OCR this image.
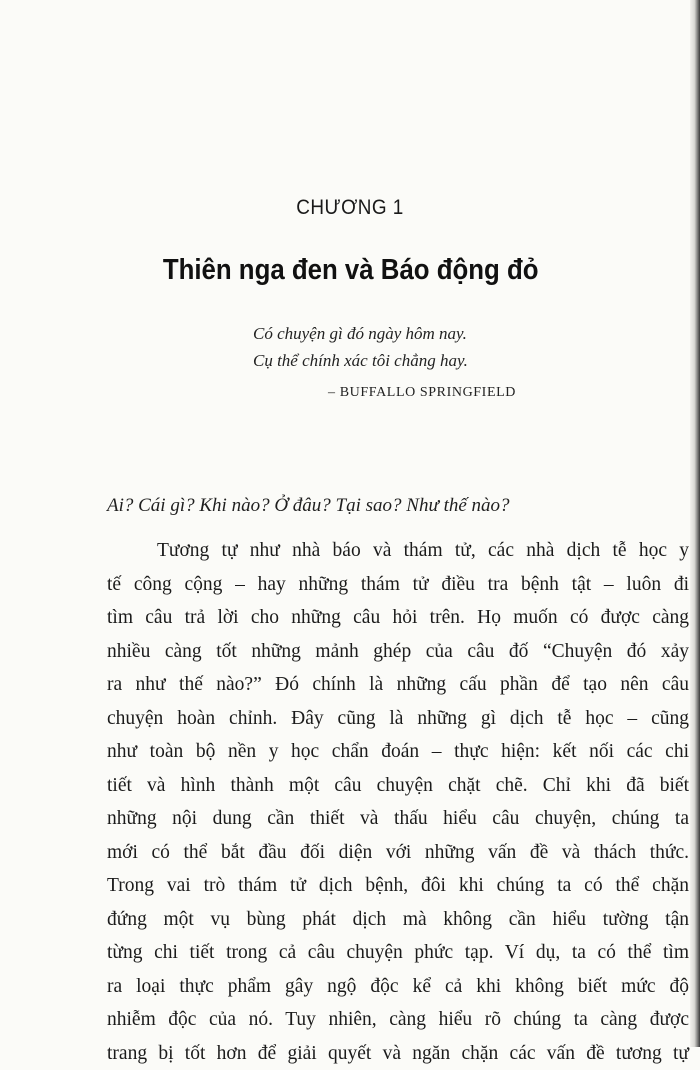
CHƯƠNG 1
Thiên nga đen và Báo động đỏ
Có chuyện gì đó ngày hôm nay.
Cụ thể chính xác tôi chẳng hay.
– BUFFALLO SPRINGFIELD
Ai? Cái gì? Khi nào? Ở đâu? Tại sao? Như thế nào?
Tương tự như nhà báo và thám tử, các nhà dịch tễ học y
tế công cộng – hay những thám tử điều tra bệnh tật – luôn đi
tìm câu trả lời cho những câu hỏi trên. Họ muốn có được càng
nhiều càng tốt những mảnh ghép của câu đố “Chuyện đó xảy
ra như thế nào?” Đó chính là những cấu phần để tạo nên câu
chuyện hoàn chỉnh. Đây cũng là những gì dịch tễ học – cũng
như toàn bộ nền y học chẩn đoán – thực hiện: kết nối các chi
tiết và hình thành một câu chuyện chặt chẽ. Chỉ khi đã biết
những nội dung cần thiết và thấu hiểu câu chuyện, chúng ta
mới có thể bắt đầu đối diện với những vấn đề và thách thức.
Trong vai trò thám tử dịch bệnh, đôi khi chúng ta có thể chặn
đứng một vụ bùng phát dịch mà không cần hiểu tường tận
từng chi tiết trong cả câu chuyện phức tạp. Ví dụ, ta có thể tìm
ra loại thực phẩm gây ngộ độc kể cả khi không biết mức độ
nhiễm độc của nó. Tuy nhiên, càng hiểu rõ chúng ta càng được
trang bị tốt hơn để giải quyết và ngăn chặn các vấn đề tương tự
